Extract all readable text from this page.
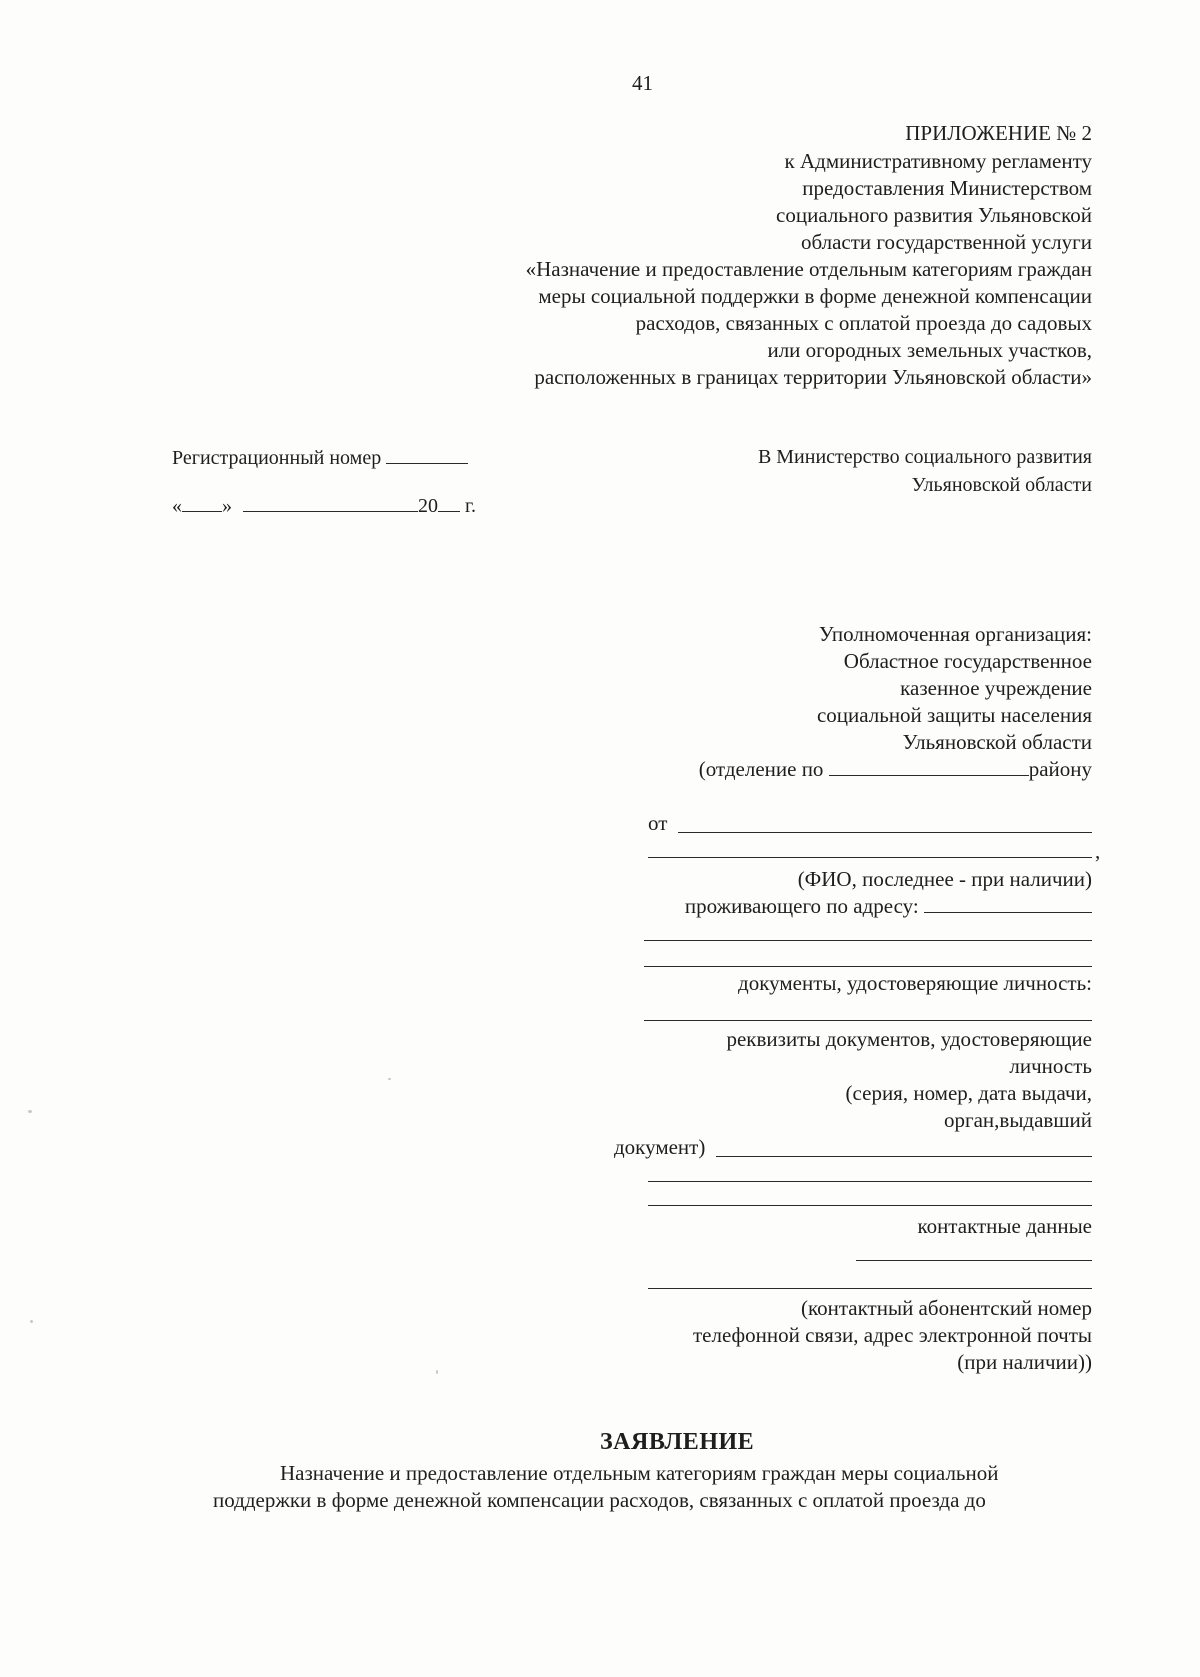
41
ПРИЛОЖЕНИЕ № 2
к Административному регламенту
предоставления Министерством
социального развития Ульяновской
области государственной услуги
«Назначение и предоставление отдельным категориям граждан
меры социальной поддержки в форме денежной компенсации
расходов, связанных с оплатой проезда до садовых
или огородных земельных участков,
расположенных в границах территории Ульяновской области»
Регистрационный номер
« »	20 г.
В Министерство социального развития
Ульяновской области
Уполномоченная организация:
Областное государственное
казенное учреждение
социальной защиты населения
Ульяновской области
(отделение по	району
от
,
(ФИО, последнее - при наличии)
проживающего по адресу:
документы, удостоверяющие личность:
реквизиты документов, удостоверяющие
личность
(серия, номер, дата выдачи,
орган,выдавший
документ)
контактные данные
(контактный абонентский номер
телефонной связи, адрес электронной почты
(при наличии))
ЗАЯВЛЕНИЕ
Назначение и предоставление отдельным категориям граждан меры социальной
поддержки в форме денежной компенсации расходов, связанных с оплатой проезда до
